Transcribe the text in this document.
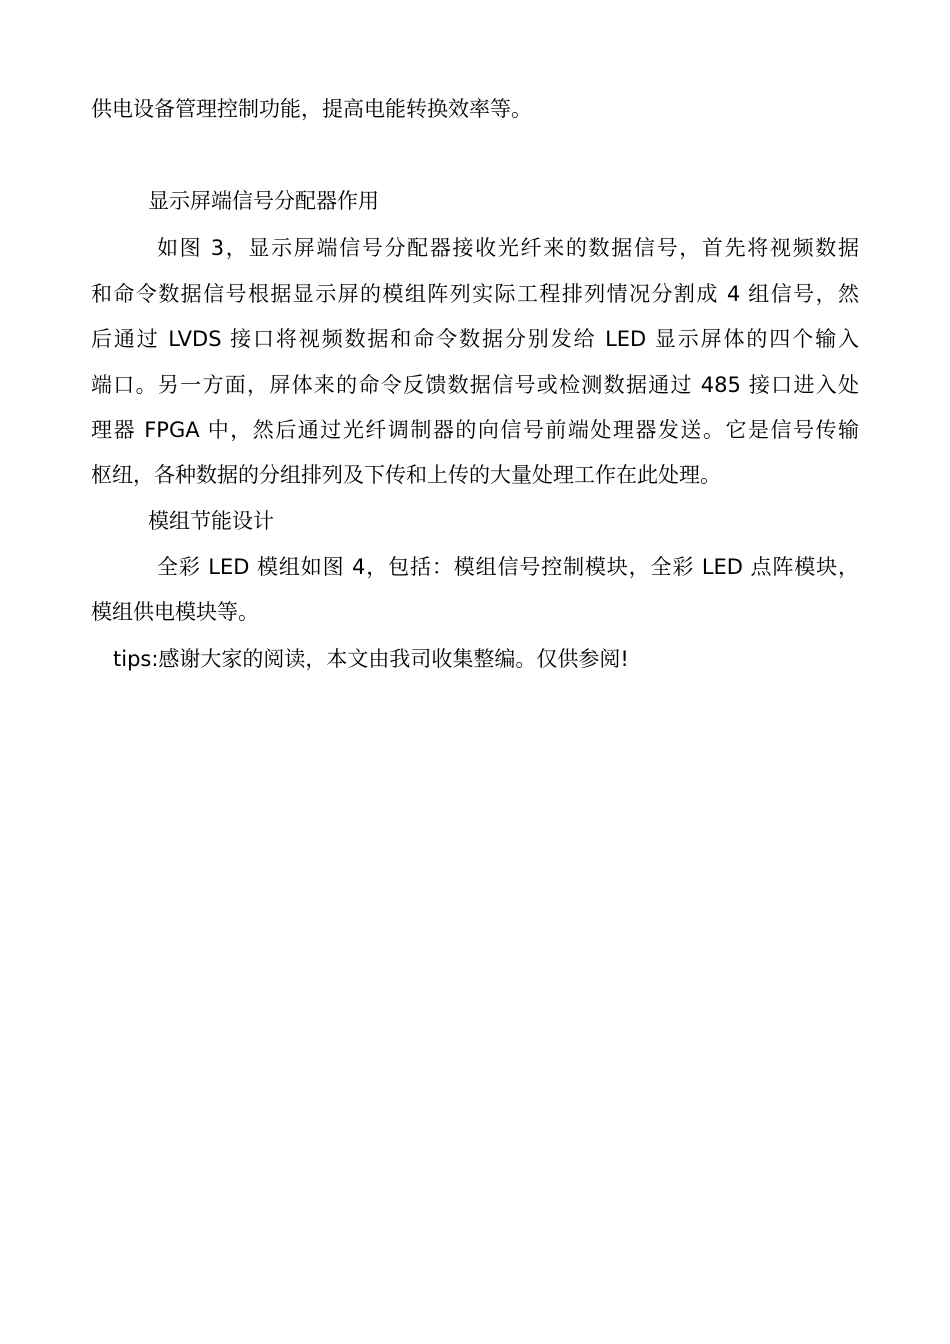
供电设备管理控制功能，提高电能转换效率等。
显示屏端信号分配器作用
如图 3，显示屏端信号分配器接收光纤来的数据信号，首先将视频数据
和命令数据信号根据显示屏的模组阵列实际工程排列情况分割成 4 组信号，然
后通过 LVDS 接口将视频数据和命令数据分别发给 LED 显示屏体的四个输入
端口。另一方面，屏体来的命令反馈数据信号或检测数据通过 485 接口进入处
理器 FPGA 中，然后通过光纤调制器的向信号前端处理器发送。它是信号传输
枢纽，各种数据的分组排列及下传和上传的大量处理工作在此处理。
模组节能设计
全彩 LED 模组如图 4，包括：模组信号控制模块，全彩 LED 点阵模块，
模组供电模块等。
tips:感谢大家的阅读，本文由我司收集整编。仅供参阅!
